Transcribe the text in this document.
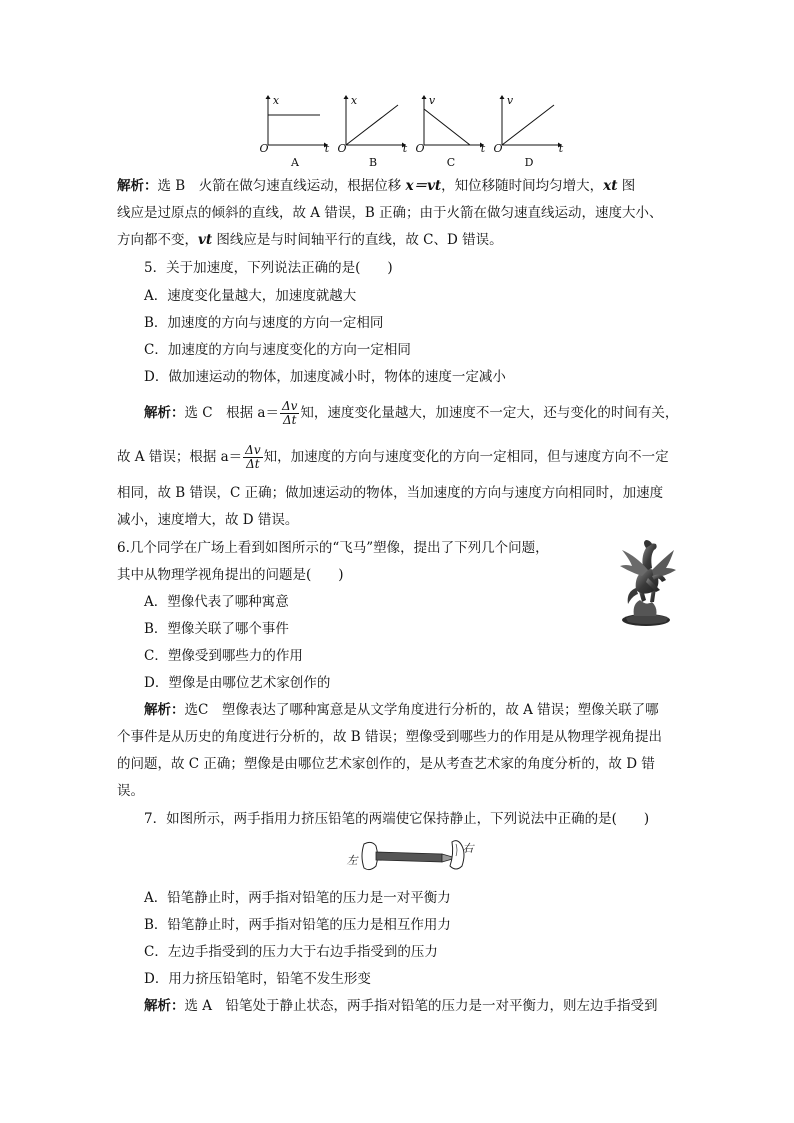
x
O	t
A
x
O	t
B
v
O	t
C
v
O	t
D
解析：选 B　火箭在做匀速直线运动，根据位移 x＝vt，知位移随时间均匀增大，xt 图
线应是过原点的倾斜的直线，故 A 错误，B 正确；由于火箭在做匀速直线运动，速度大小、
方向都不变，vt 图线应是与时间轴平行的直线，故 C、D 错误。
5．关于加速度，下列说法正确的是(　　)
A．速度变化量越大，加速度就越大
B．加速度的方向与速度的方向一定相同
C．加速度的方向与速度变化的方向一定相同
D．做加速运动的物体，加速度减小时，物体的速度一定减小
解析：选 C　根据 $a= \frac{\Delta v}{\Delta t}$ 知，速度变化量越大，加速度不一定大，还与变化的时间有关，
故 A 错误；根据 $a= \frac{\Delta v}{\Delta t}$ 知，加速度的方向与速度变化的方向一定相同，但与速度方向不一定
相同，故 B 错误，C 正确；做加速运动的物体，当加速度的方向与速度方向相同时，加速度
减小，速度增大，故 D 错误。
6.几个同学在广场上看到如图所示的“飞马”塑像，提出了下列几个问题，
其中从物理学视角提出的问题是(　　)
A．塑像代表了哪种寓意
B．塑像关联了哪个事件
C．塑像受到哪些力的作用
D．塑像是由哪位艺术家创作的
解析：选C　塑像表达了哪种寓意是从文学角度进行分析的，故 A 错误；塑像关联了哪
个事件是从历史的角度进行分析的，故 B 错误；塑像受到哪些力的作用是从物理学视角提出
的问题，故 C 正确；塑像是由哪位艺术家创作的，是从考查艺术家的角度分析的，故 D 错
误。
7．如图所示，两手指用力挤压铅笔的两端使它保持静止，下列说法中正确的是(　　)
左
右
A．铅笔静止时，两手指对铅笔的压力是一对平衡力
B．铅笔静止时，两手指对铅笔的压力是相互作用力
C．左边手指受到的压力大于右边手指受到的压力
D．用力挤压铅笔时，铅笔不发生形变
解析：选 A　铅笔处于静止状态，两手指对铅笔的压力是一对平衡力，则左边手指受到
